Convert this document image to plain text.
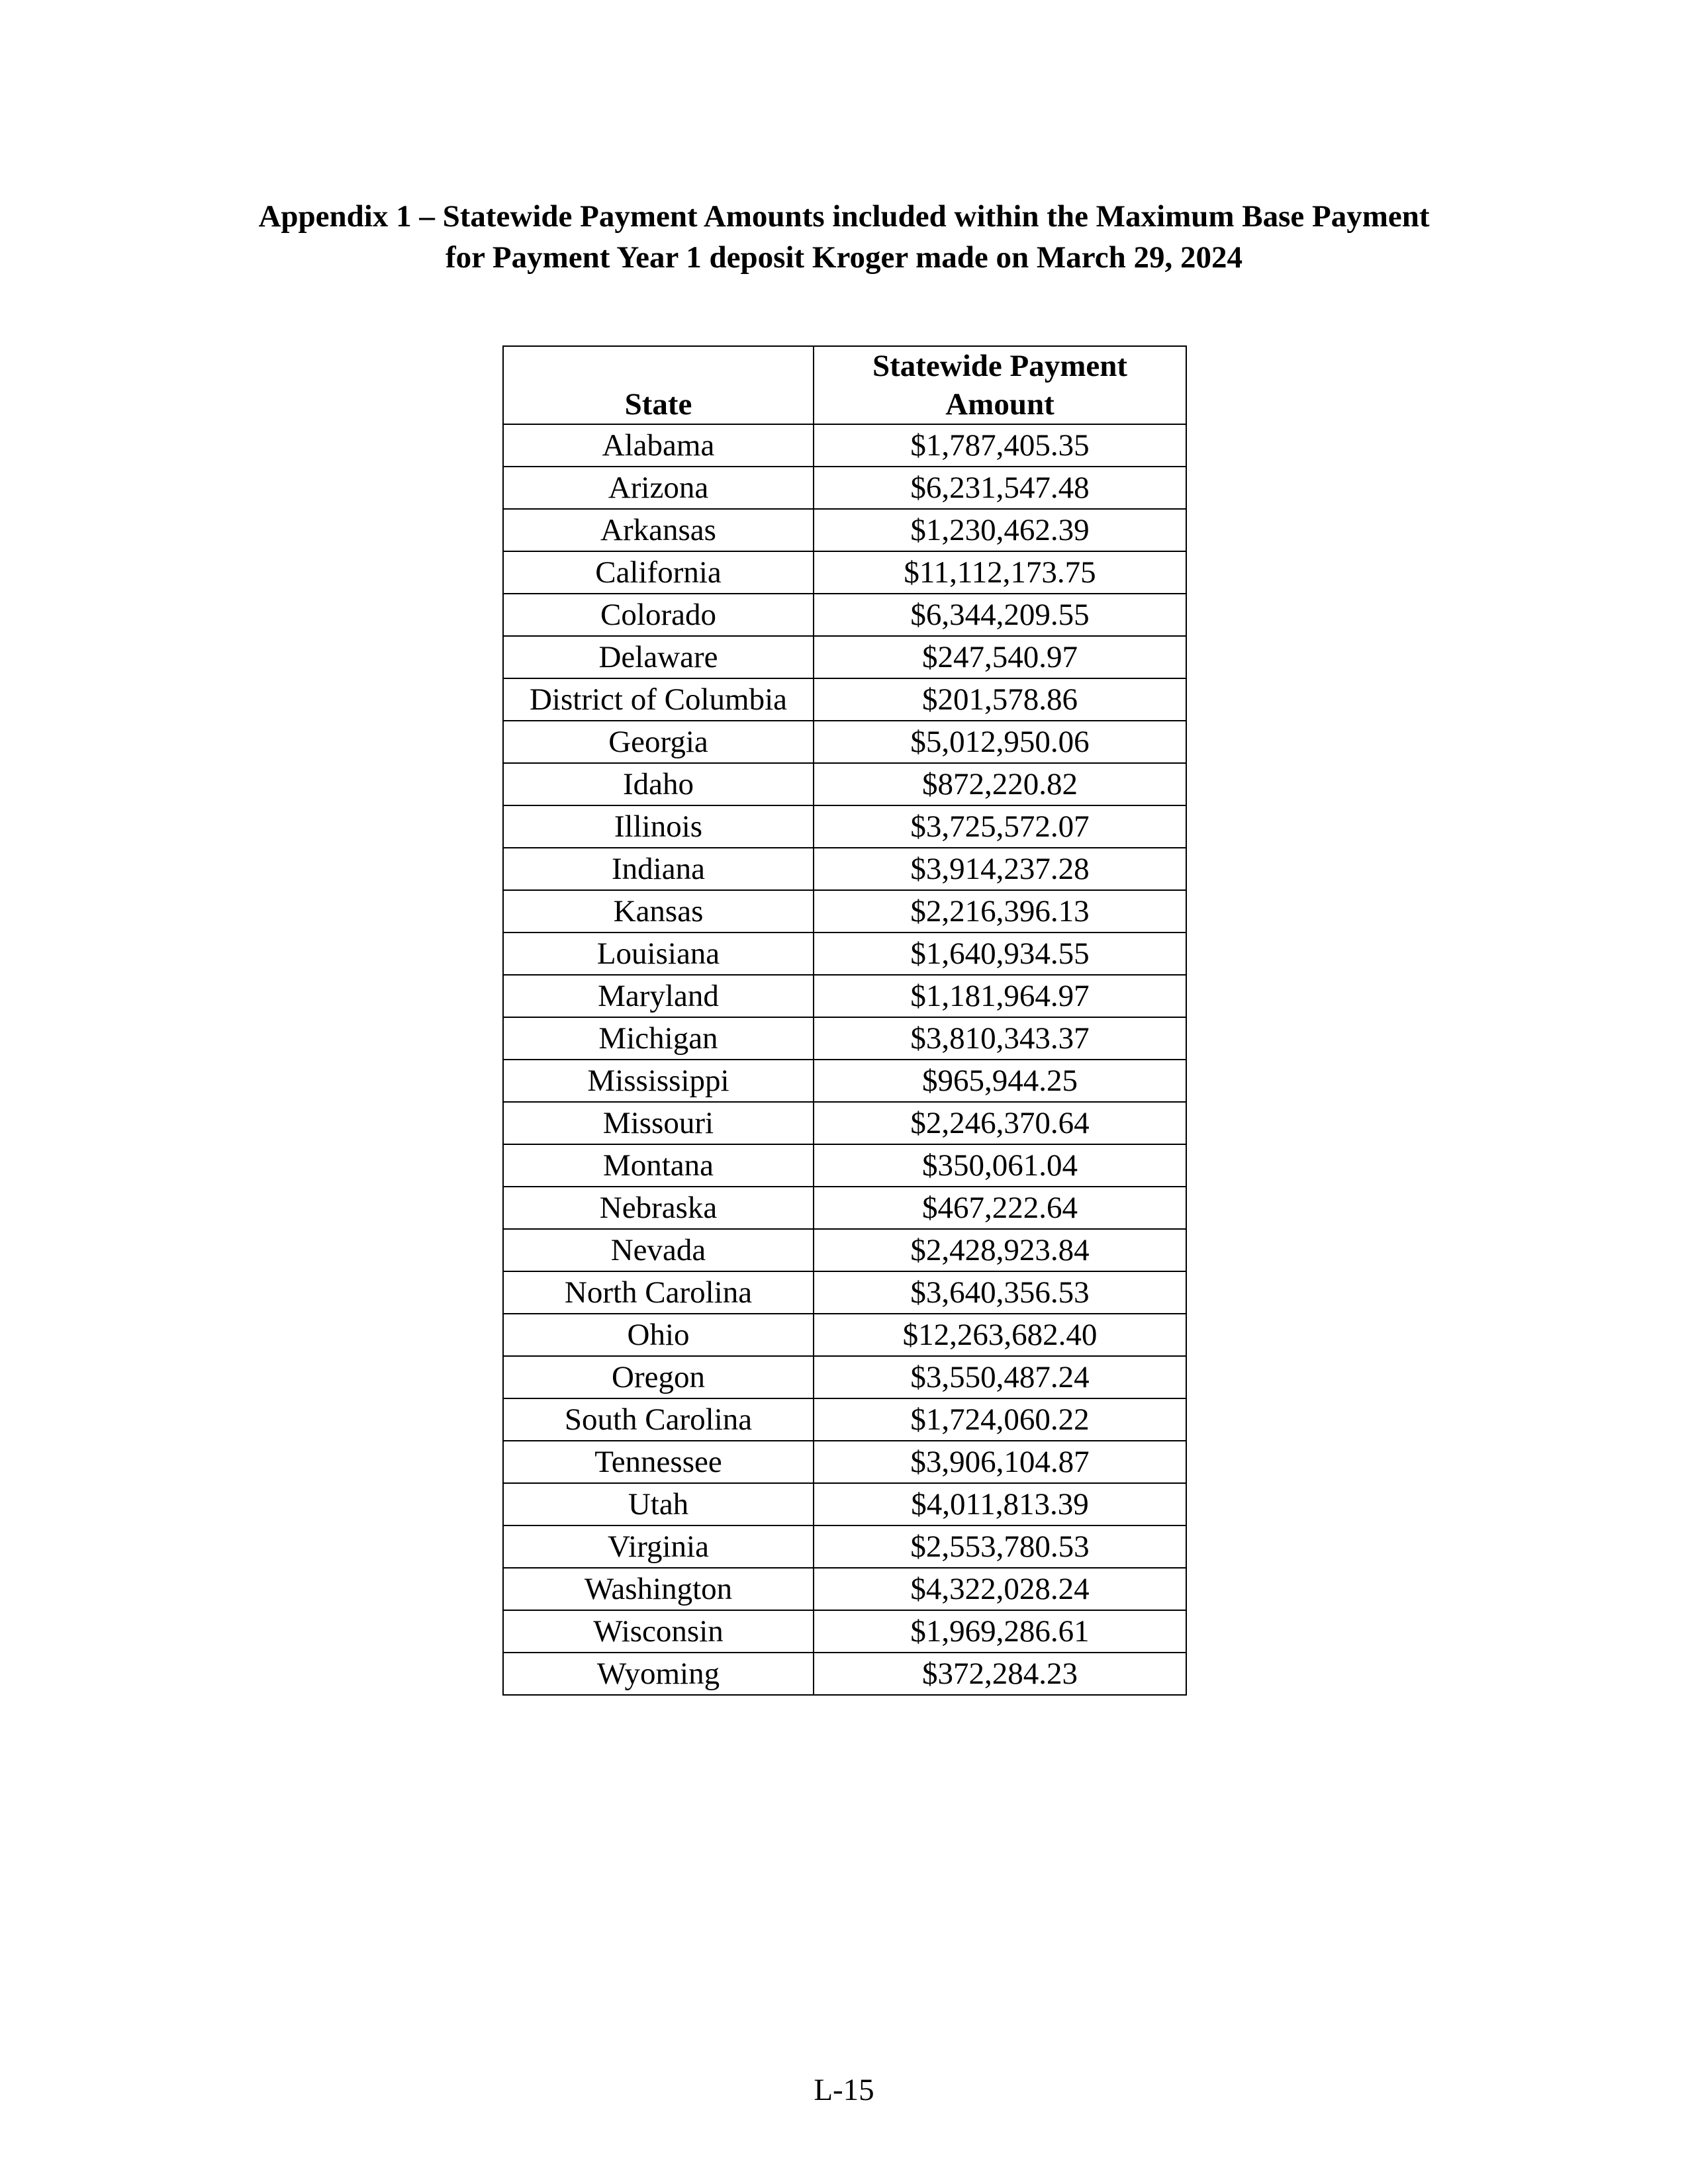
Appendix 1 – Statewide Payment Amounts included within the Maximum Base Payment
for Payment Year 1 deposit Kroger made on March 29, 2024
State	Statewide Payment
Amount

Alabama	$1,787,405.35
Arizona	$6,231,547.48
Arkansas	$1,230,462.39
California	$11,112,173.75
Colorado	$6,344,209.55
Delaware	$247,540.97
District of Columbia	$201,578.86
Georgia	$5,012,950.06
Idaho	$872,220.82
Illinois	$3,725,572.07
Indiana	$3,914,237.28
Kansas	$2,216,396.13
Louisiana	$1,640,934.55
Maryland	$1,181,964.97
Michigan	$3,810,343.37
Mississippi	$965,944.25
Missouri	$2,246,370.64
Montana	$350,061.04
Nebraska	$467,222.64
Nevada	$2,428,923.84
North Carolina	$3,640,356.53
Ohio	$12,263,682.40
Oregon	$3,550,487.24
South Carolina	$1,724,060.22
Tennessee	$3,906,104.87
Utah	$4,011,813.39
Virginia	$2,553,780.53
Washington	$4,322,028.24
Wisconsin	$1,969,286.61
Wyoming	$372,284.23
L-15
